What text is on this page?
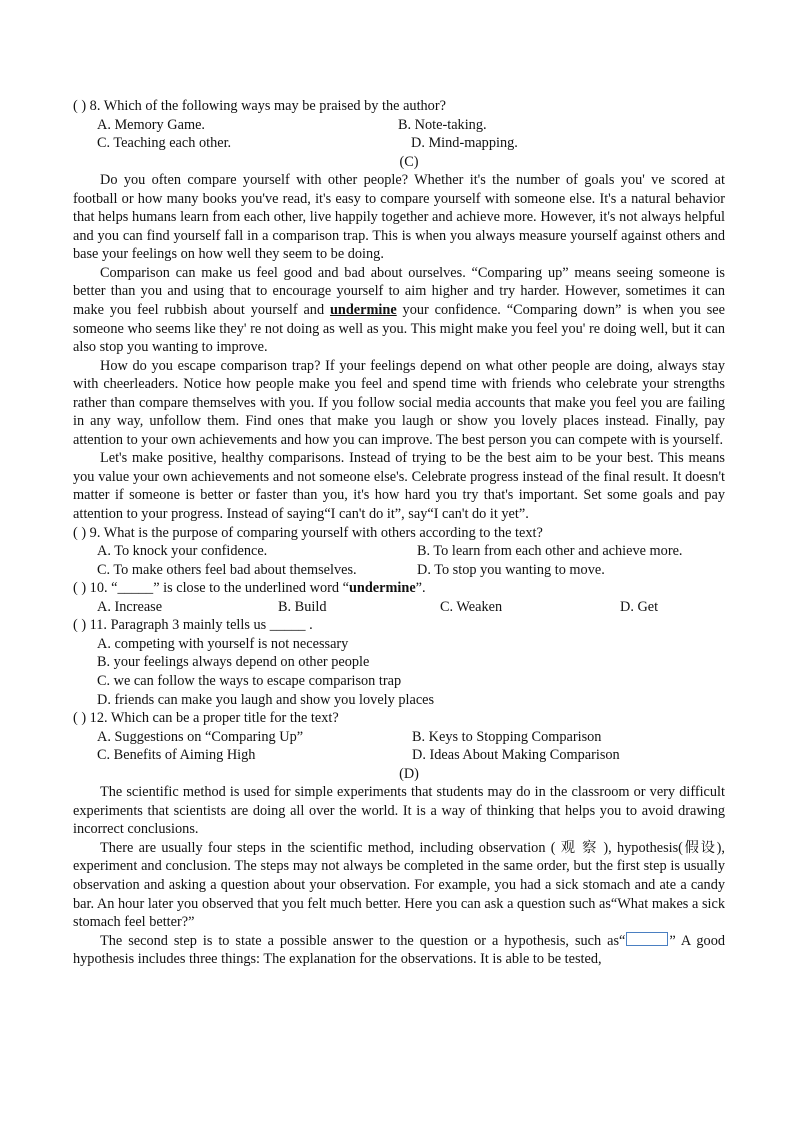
( ) 8. Which of the following ways may be praised by the author?
A. Memory Game.	B. Note-taking.
C. Teaching each other.	D. Mind-mapping.
(C)

Do you often compare yourself with other people? Whether it's the number of goals you' ve scored at football or how many books you've read, it's easy to compare yourself with someone else. It's a natural behavior that helps humans learn from each other, live happily together and achieve more. However, it's not always helpful and you can find yourself fall in a comparison trap. This is when you always measure yourself against others and base your feelings on how well they seem to be doing.

Comparison can make us feel good and bad about ourselves. “Comparing up” means seeing someone is better than you and using that to encourage yourself to aim higher and try harder. However, sometimes it can make you feel rubbish about yourself and undermine your confidence. “Comparing down” is when you see someone who seems like they' re not doing as well as you. This might make you feel you' re doing well, but it can also stop you wanting to improve.

How do you escape comparison trap? If your feelings depend on what other people are doing, always stay with cheerleaders. Notice how people make you feel and spend time with friends who celebrate your strengths rather than compare themselves with you. If you follow social media accounts that make you feel you are failing in any way, unfollow them. Find ones that make you laugh or show you lovely places instead. Finally, pay attention to your own achievements and how you can improve. The best person you can compete with is yourself.

Let's make positive, healthy comparisons. Instead of trying to be the best aim to be your best. This means you value your own achievements and not someone else's. Celebrate progress instead of the final result. It doesn't matter if someone is better or faster than you, it's how hard you try that's important. Set some goals and pay attention to your progress. Instead of saying“I can't do it”, say“I can't do it yet”.

( ) 9. What is the purpose of comparing yourself with others according to the text?
A. To knock your confidence.	B. To learn from each other and achieve more.
C. To make others feel bad about themselves.	D. To stop you wanting to move.
( ) 10. “_____” is close to the underlined word “undermine”.
A. Increase	B. Build	C. Weaken	D. Get
( ) 11. Paragraph 3 mainly tells us _____ .
A. competing with yourself is not necessary
B. your feelings always depend on other people
C. we can follow the ways to escape comparison trap
D. friends can make you laugh and show you lovely places
( ) 12. Which can be a proper title for the text?
A. Suggestions on “Comparing Up”	B. Keys to Stopping Comparison
C. Benefits of Aiming High	D. Ideas About Making Comparison
(D)

The scientific method is used for simple experiments that students may do in the classroom or very difficult experiments that scientists are doing all over the world. It is a way of thinking that helps you to avoid drawing incorrect conclusions.

There are usually four steps in the scientific method, including observation ( 观 察 ), hypothesis(假设), experiment and conclusion. The steps may not always be completed in the same order, but the first step is usually observation and asking a question about your observation. For example, you had a sick stomach and ate a candy bar. An hour later you observed that you felt much better. Here you can ask a question such as“What makes a sick stomach feel better?”

The second step is to state a possible answer to the question or a hypothesis, such as“	” A good hypothesis includes three things: The explanation for the observations. It is able to be tested,
